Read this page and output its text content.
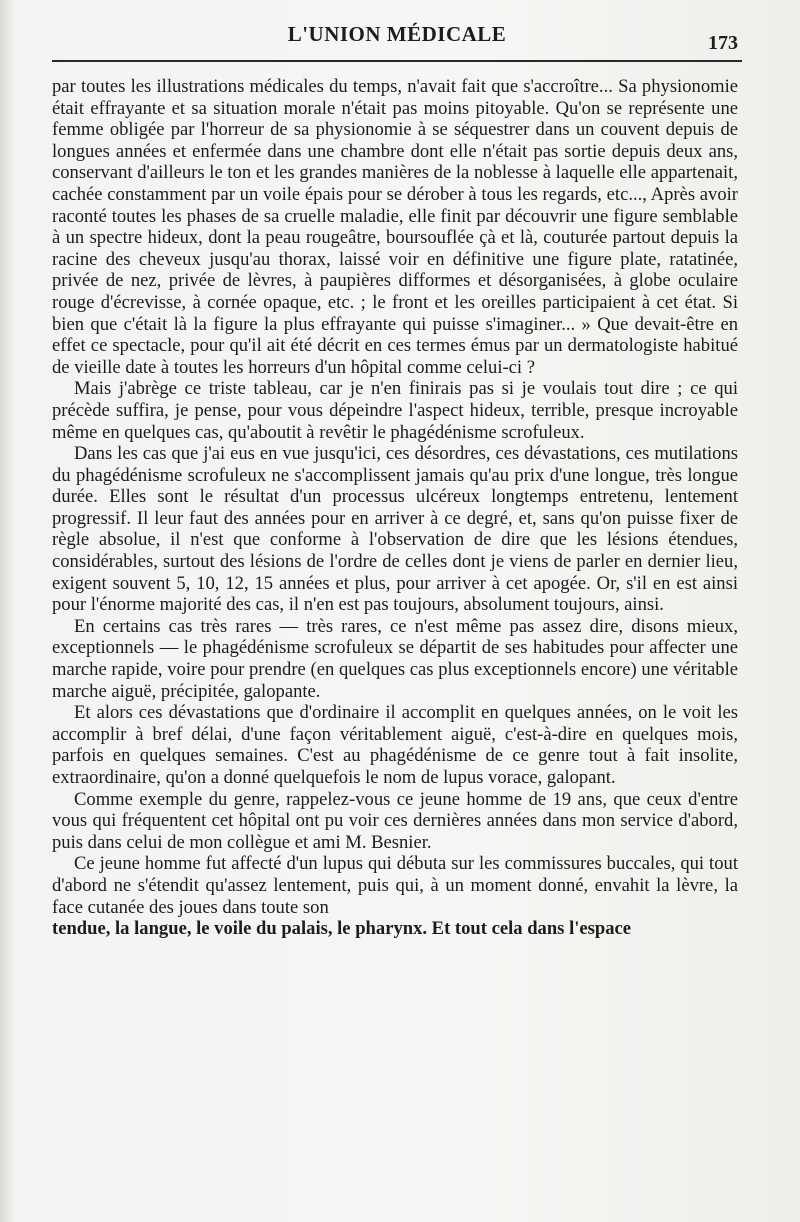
L'UNION MÉDICALE	173

par toutes les illustrations médicales du temps, n'avait fait que s'accroître... Sa physionomie était effrayante et sa situation morale n'était pas moins pitoyable. Qu'on se représente une femme obligée par l'horreur de sa physionomie à se séquestrer dans un couvent depuis de longues années et enfermée dans une chambre dont elle n'était pas sortie depuis deux ans, conservant d'ailleurs le ton et les grandes manières de la noblesse à laquelle elle appartenait, cachée constamment par un voile épais pour se dérober à tous les regards, etc..., Après avoir raconté toutes les phases de sa cruelle maladie, elle finit par découvrir une figure semblable à un spectre hideux, dont la peau rougeâtre, boursouflée çà et là, couturée partout depuis la racine des cheveux jusqu'au thorax, laissé voir en définitive une figure plate, ratatinée, privée de nez, privée de lèvres, à paupières difformes et désorganisées, à globe oculaire rouge d'écrevisse, à cornée opaque, etc. ; le front et les oreilles participaient à cet état. Si bien que c'était là la figure la plus effrayante qui puisse s'imaginer... » Que devait-être en effet ce spectacle, pour qu'il ait été décrit en ces termes émus par un dermatologiste habitué de vieille date à toutes les horreurs d'un hôpital comme celui-ci ?

Mais j'abrège ce triste tableau, car je n'en finirais pas si je voulais tout dire ; ce qui précède suffira, je pense, pour vous dépeindre l'aspect hideux, terrible, presque incroyable même en quelques cas, qu'aboutit à revêtir le phagédénisme scrofuleux.

Dans les cas que j'ai eus en vue jusqu'ici, ces désordres, ces dévastations, ces mutilations du phagédénisme scrofuleux ne s'accomplissent jamais qu'au prix d'une longue, très longue durée. Elles sont le résultat d'un processus ulcéreux longtemps entretenu, lentement progressif. Il leur faut des années pour en arriver à ce degré, et, sans qu'on puisse fixer de règle absolue, il n'est que conforme à l'observation de dire que les lésions étendues, considérables, surtout des lésions de l'ordre de celles dont je viens de parler en dernier lieu, exigent souvent 5, 10, 12, 15 années et plus, pour arriver à cet apogée. Or, s'il en est ainsi pour l'énorme majorité des cas, il n'en est pas toujours, absolument toujours, ainsi.

En certains cas très rares — très rares, ce n'est même pas assez dire, disons mieux, exceptionnels — le phagédénisme scrofuleux se départit de ses habitudes pour affecter une marche rapide, voire pour prendre (en quelques cas plus exceptionnels encore) une véritable marche aiguë, précipitée, galopante.

Et alors ces dévastations que d'ordinaire il accomplit en quelques années, on le voit les accomplir à bref délai, d'une façon véritablement aiguë, c'est-à-dire en quelques mois, parfois en quelques semaines. C'est au phagédénisme de ce genre tout à fait insolite, extraordinaire, qu'on a donné quelquefois le nom de lupus vorace, galopant.

Comme exemple du genre, rappelez-vous ce jeune homme de 19 ans, que ceux d'entre vous qui fréquentent cet hôpital ont pu voir ces dernières années dans mon service d'abord, puis dans celui de mon collègue et ami M. Besnier.

Ce jeune homme fut affecté d'un lupus qui débuta sur les commissures buccales, qui tout d'abord ne s'étendit qu'assez lentement, puis qui, à un moment donné, envahit la lèvre, la face cutanée des joues dans toute son

tendue, la langue, le voile du palais, le pharynx. Et tout cela dans l'espace
